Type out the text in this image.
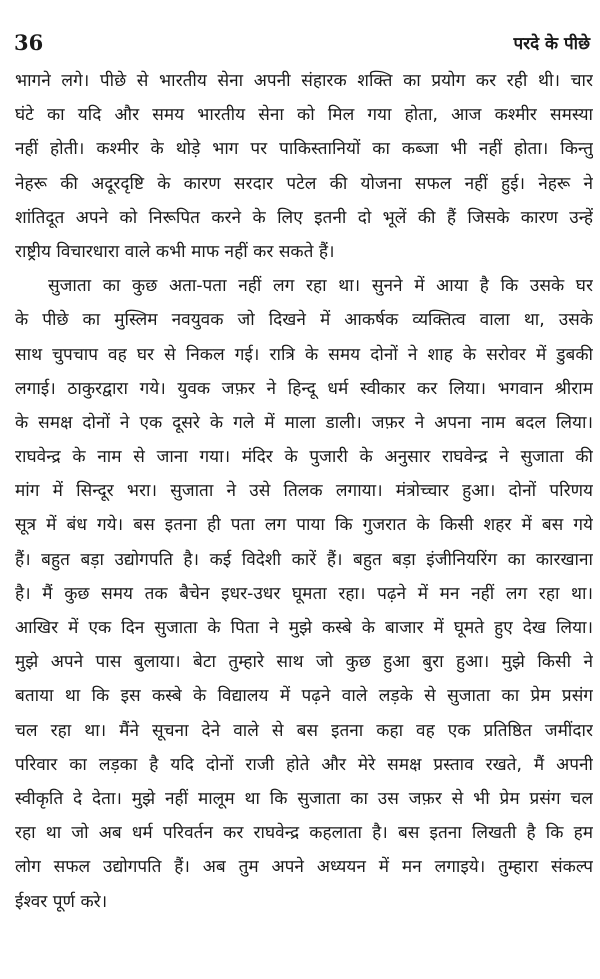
36	परदे के पीछे
भागने लगे। पीछे से भारतीय सेना अपनी संहारक शक्ति का प्रयोग कर रही थी। चार
घंटे का यदि और समय भारतीय सेना को मिल गया होता, आज कश्मीर समस्या
नहीं होती। कश्मीर के थोड़े भाग पर पाकिस्तानियों का कब्जा भी नहीं होता। किन्तु
नेहरू की अदूरदृष्टि के कारण सरदार पटेल की योजना सफल नहीं हुई। नेहरू ने
शांतिदूत अपने को निरूपित करने के लिए इतनी दो भूलें की हैं जिसके कारण उन्हें
राष्ट्रीय विचारधारा वाले कभी माफ नहीं कर सकते हैं।
सुजाता का कुछ अता-पता नहीं लग रहा था। सुनने में आया है कि उसके घर
के पीछे का मुस्लिम नवयुवक जो दिखने में आकर्षक व्यक्तित्व वाला था, उसके
साथ चुपचाप वह घर से निकल गई। रात्रि के समय दोनों ने शाह के सरोवर में डुबकी
लगाई। ठाकुरद्वारा गये। युवक जफ़र ने हिन्दू धर्म स्वीकार कर लिया। भगवान श्रीराम
के समक्ष दोनों ने एक दूसरे के गले में माला डाली। जफ़र ने अपना नाम बदल लिया।
राघवेन्द्र के नाम से जाना गया। मंदिर के पुजारी के अनुसार राघवेन्द्र ने सुजाता की
मांग में सिन्दूर भरा। सुजाता ने उसे तिलक लगाया। मंत्रोच्चार हुआ। दोनों परिणय
सूत्र में बंध गये। बस इतना ही पता लग पाया कि गुजरात के किसी शहर में बस गये
हैं। बहुत बड़ा उद्योगपति है। कई विदेशी कारें हैं। बहुत बड़ा इंजीनियरिंग का कारखाना
है। मैं कुछ समय तक बैचेन इधर-उधर घूमता रहा। पढ़ने में मन नहीं लग रहा था।
आखिर में एक दिन सुजाता के पिता ने मुझे कस्बे के बाजार में घूमते हुए देख लिया।
मुझे अपने पास बुलाया। बेटा तुम्हारे साथ जो कुछ हुआ बुरा हुआ। मुझे किसी ने
बताया था कि इस कस्बे के विद्यालय में पढ़ने वाले लड़के से सुजाता का प्रेम प्रसंग
चल रहा था। मैंने सूचना देने वाले से बस इतना कहा वह एक प्रतिष्ठित जमींदार
परिवार का लड़का है यदि दोनों राजी होते और मेरे समक्ष प्रस्ताव रखते, मैं अपनी
स्वीकृति दे देता। मुझे नहीं मालूम था कि सुजाता का उस जफ़र से भी प्रेम प्रसंग चल
रहा था जो अब धर्म परिवर्तन कर राघवेन्द्र कहलाता है। बस इतना लिखती है कि हम
लोग सफल उद्योगपति हैं। अब तुम अपने अध्ययन में मन लगाइये। तुम्हारा संकल्प
ईश्वर पूर्ण करे।
